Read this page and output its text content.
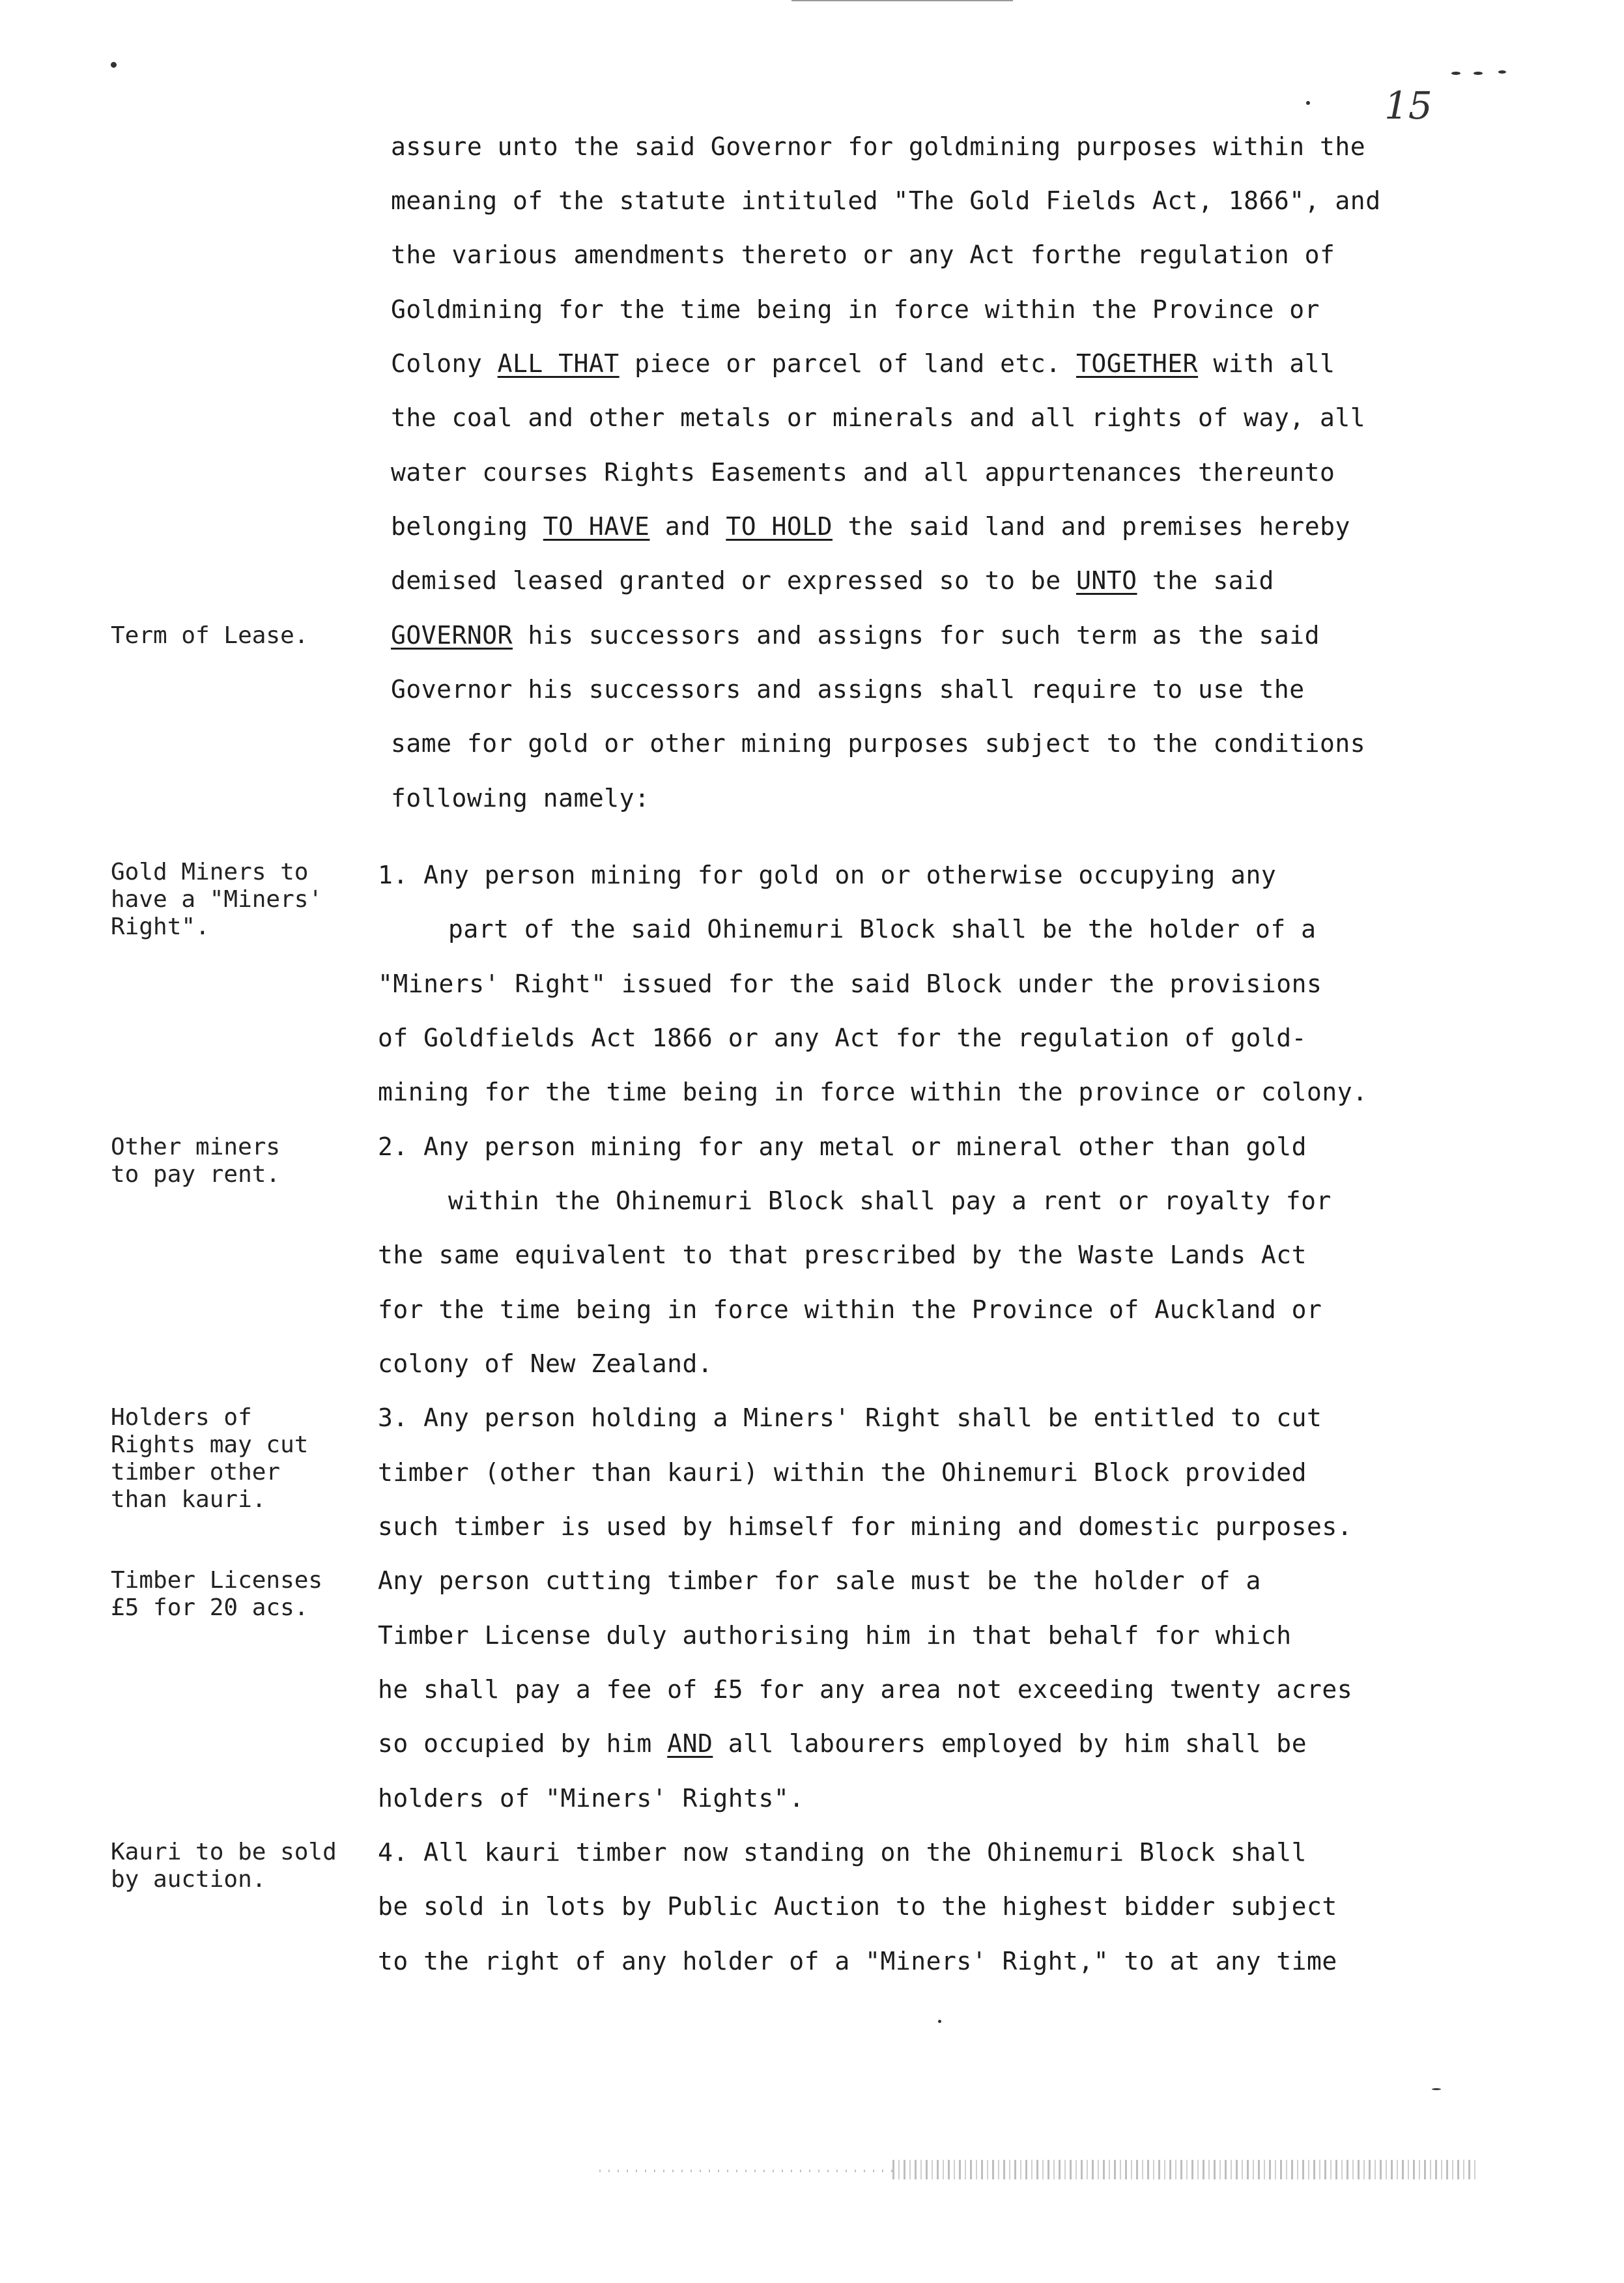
15
assure unto the said Governor for goldmining purposes within the
meaning of the statute intituled "The Gold Fields Act, 1866", and
the various amendments thereto or any Act forthe regulation of
Goldmining for the time being in force within the Province or
Colony ALL THAT piece or parcel of land etc. TOGETHER with all
the coal and other metals or minerals and all rights of way, all
water courses Rights Easements and all appurtenances thereunto
belonging TO HAVE and TO HOLD the said land and premises hereby
demised leased granted or expressed so to be UNTO the said
GOVERNOR his successors and assigns for such term as the said
Governor his successors and assigns shall require to use the
same for gold or other mining purposes subject to the conditions
following namely:
1. Any person mining for gold on or otherwise occupying any
part of the said Ohinemuri Block shall be the holder of a
"Miners' Right" issued for the said Block under the provisions
of Goldfields Act 1866 or any Act for the regulation of gold-
mining for the time being in force within the province or colony.
2. Any person mining for any metal or mineral other than gold
within the Ohinemuri Block shall pay a rent or royalty for
the same equivalent to that prescribed by the Waste Lands Act
for the time being in force within the Province of Auckland or
colony of New Zealand.
3. Any person holding a Miners' Right shall be entitled to cut
timber (other than kauri) within the Ohinemuri Block provided
such timber is used by himself for mining and domestic purposes.
Any person cutting timber for sale must be the holder of a
Timber License duly authorising him in that behalf for which
he shall pay a fee of £5 for any area not exceeding twenty acres
so occupied by him AND all labourers employed by him shall be
holders of "Miners' Rights".
4. All kauri timber now standing on the Ohinemuri Block shall
be sold in lots by Public Auction to the highest bidder subject
to the right of any holder of a "Miners' Right," to at any time
Term of Lease.
Gold Miners to
have a "Miners'
Right".
Other miners
to pay rent.
Holders of
Rights may cut
timber other
than kauri.
Timber Licenses
£5 for 20 acs.
Kauri to be sold
by auction.
